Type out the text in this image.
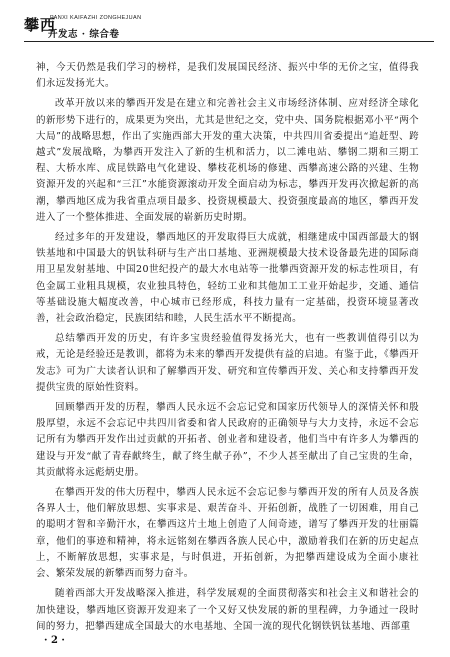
攀西
PANXI KAIFAZHI ZONGHEJUAN
开发志 · 综合卷

神，今天仍然是我们学习的榜样，是我们发展国民经济、振兴中华的无价之宝，值得我们永远发扬光大。

改革开放以来的攀西开发是在建立和完善社会主义市场经济体制、应对经济全球化的新形势下进行的，成果更为突出，尤其是世纪之交，党中央、国务院根据邓小平“两个大局”的战略思想，作出了实施西部大开发的重大决策，中共四川省委提出“追赶型、跨越式”发展战略，为攀西开发注入了新的生机和活力，以二滩电站、攀钢二期和三期工程、大桥水库、成昆铁路电气化建设、攀枝花机场的修建、西攀高速公路的兴建、生物资源开发的兴起和“三江”水能资源滚动开发全面启动为标志，攀西开发再次掀起新的高潮，攀西地区成为我省重点项目最多、投资规模最大、投资强度最高的地区，攀西开发进入了一个整体推进、全面发展的崭新历史时期。

经过多年的开发建设，攀西地区的开发取得巨大成就，相继建成中国西部最大的钢铁基地和中国最大的钒钛科研与生产出口基地、亚洲规模最大技术设备最先进的国际商用卫星发射基地、中国20世纪投产的最大水电站等一批攀西资源开发的标志性项目，有色金属工业粗具规模，农业独具特色，轻纺工业和其他加工工业开始起步，交通、通信等基础设施大幅度改善，中心城市已经形成，科技力量有一定基础，投资环境显著改善，社会政治稳定，民族团结和睦，人民生活水平不断提高。

总结攀西开发的历史，有许多宝贵经验值得发扬光大，也有一些教训值得引以为戒，无论是经验还是教训，都将为未来的攀西开发提供有益的启迪。有鉴于此，《攀西开发志》可为广大读者认识和了解攀西开发、研究和宣传攀西开发、关心和支持攀西开发提供宝贵的原始性资料。

回顾攀西开发的历程，攀西人民永远不会忘记党和国家历代领导人的深情关怀和殷殷厚望，永远不会忘记中共四川省委和省人民政府的正确领导与大力支持，永远不会忘记所有为攀西开发作出过贡献的开拓者、创业者和建设者，他们当中有许多人为攀西的建设与开发“献了青春献终生，献了终生献子孙”，不少人甚至献出了自己宝贵的生命，其贡献将永远彪炳史册。

在攀西开发的伟大历程中，攀西人民永远不会忘记参与攀西开发的所有人员及各族各界人士，他们解放思想、实事求是、艰苦奋斗、开拓创新，战胜了一切困难，用自己的聪明才智和辛勤汗水，在攀西这片土地上创造了人间奇迹，谱写了攀西开发的壮丽篇章，他们的事迹和精神，将永远铭刻在攀西各族人民心中，激励着我们在新的历史起点上，不断解放思想，实事求是，与时俱进，开拓创新，为把攀西建设成为全面小康社会、繁荣发展的新攀西而努力奋斗。

随着西部大开发战略深入推进，科学发展观的全面贯彻落实和社会主义和谐社会的加快建设，攀西地区资源开发迎来了一个又好又快发展的新的里程碑，力争通过一段时间的努力，把攀西建成全国最大的水电基地、全国一流的现代化钢铁钒钛基地、西部重

· 2 ·
